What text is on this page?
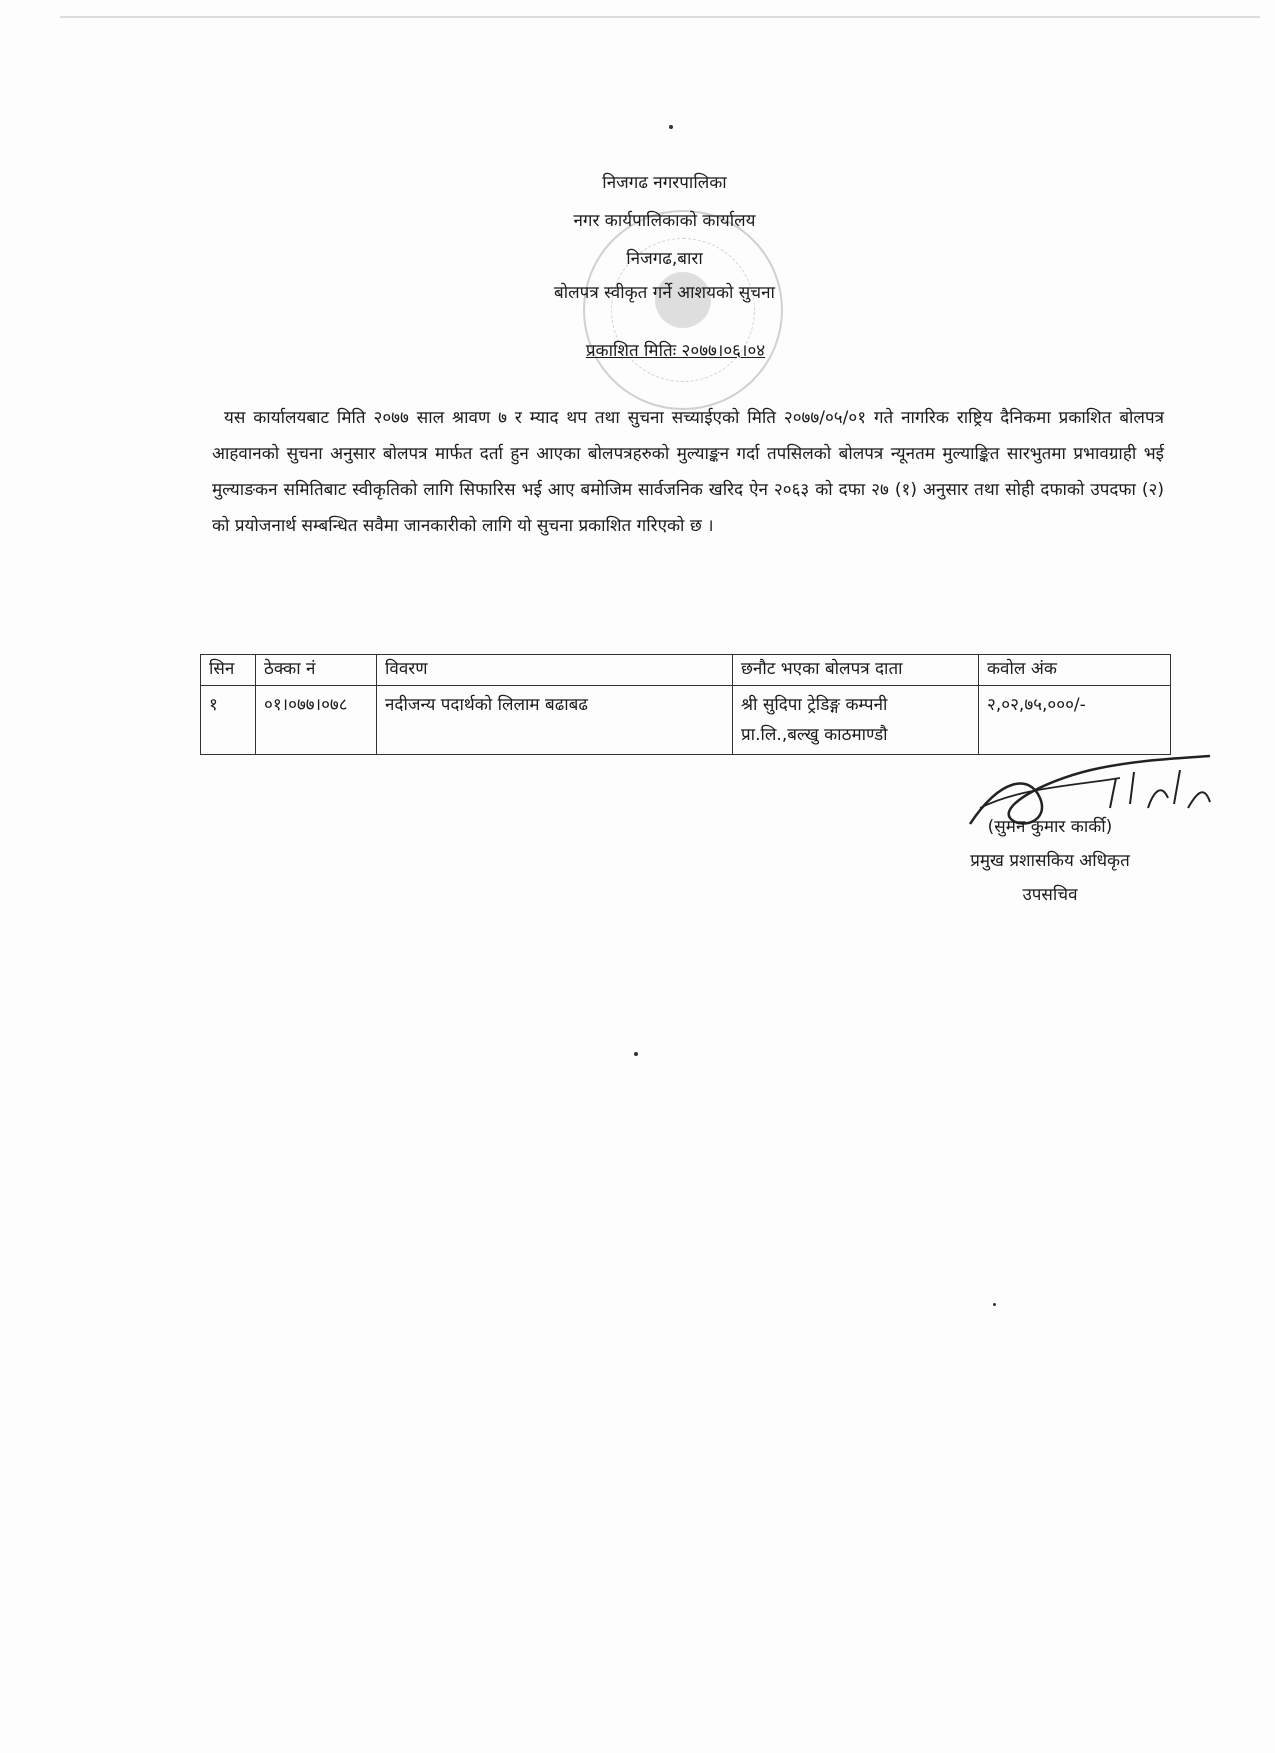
निजगढ नगरपालिका
नगर कार्यपालिकाको कार्यालय
निजगढ,बारा
बोलपत्र स्वीकृत गर्ने आशयको सुचना
प्रकाशित मितिः २०७७।०६।०४
यस कार्यालयबाट मिति २०७७ साल श्रावण ७ र म्याद थप तथा सुचना सच्याईएको मिति २०७७/०५/०१ गते नागरिक राष्ट्रिय दैनिकमा प्रकाशित बोलपत्र आहवानको सुचना अनुसार बोलपत्र मार्फत दर्ता हुन आएका बोलपत्रहरुको मुल्याङ्कन गर्दा तपसिलको बोलपत्र न्यूनतम मुल्याङ्कित सारभुतमा प्रभावग्राही भई मुल्याङकन समितिबाट स्वीकृतिको लागि सिफारिस भई आए बमोजिम सार्वजनिक खरिद ऐन २०६३ को दफा २७ (१) अनुसार तथा सोही दफाको उपदफा (२) को प्रयोजनार्थ सम्बन्धित सवैमा जानकारीको लागि यो सुचना प्रकाशित गरिएको छ ।
सिन	ठेक्का नं	विवरण	छनौट भएका बोलपत्र दाता	कवोल अंक
१	०१।०७७।०७८	नदीजन्य पदार्थको लिलाम बढाबढ	श्री सुदिपा ट्रेडिङ्ग कम्पनी प्रा.लि.,बल्खु काठमाण्डौ	२,०२,७५,०००/-
(सुमन कुमार कार्की)
प्रमुख प्रशासकिय अधिकृत
उपसचिव
